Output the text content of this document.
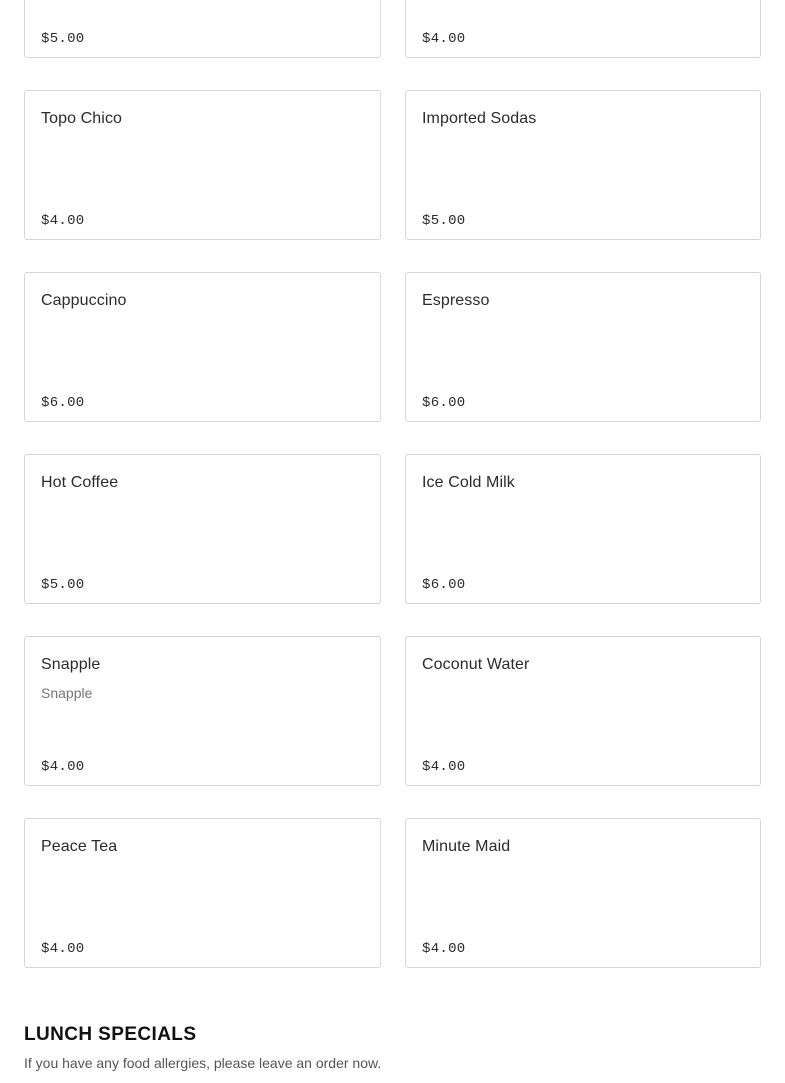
$5.00	$4.00
Topo Chico
$4.00
Imported Sodas
$5.00
Cappuccino
$6.00
Espresso
$6.00
Hot Coffee
$5.00
Ice Cold Milk
$6.00
Snapple
Snapple
$4.00
Coconut Water
$4.00
Peace Tea
$4.00
Minute Maid
$4.00
LUNCH SPECIALS

If you have any food allergies, please leave an order now.
